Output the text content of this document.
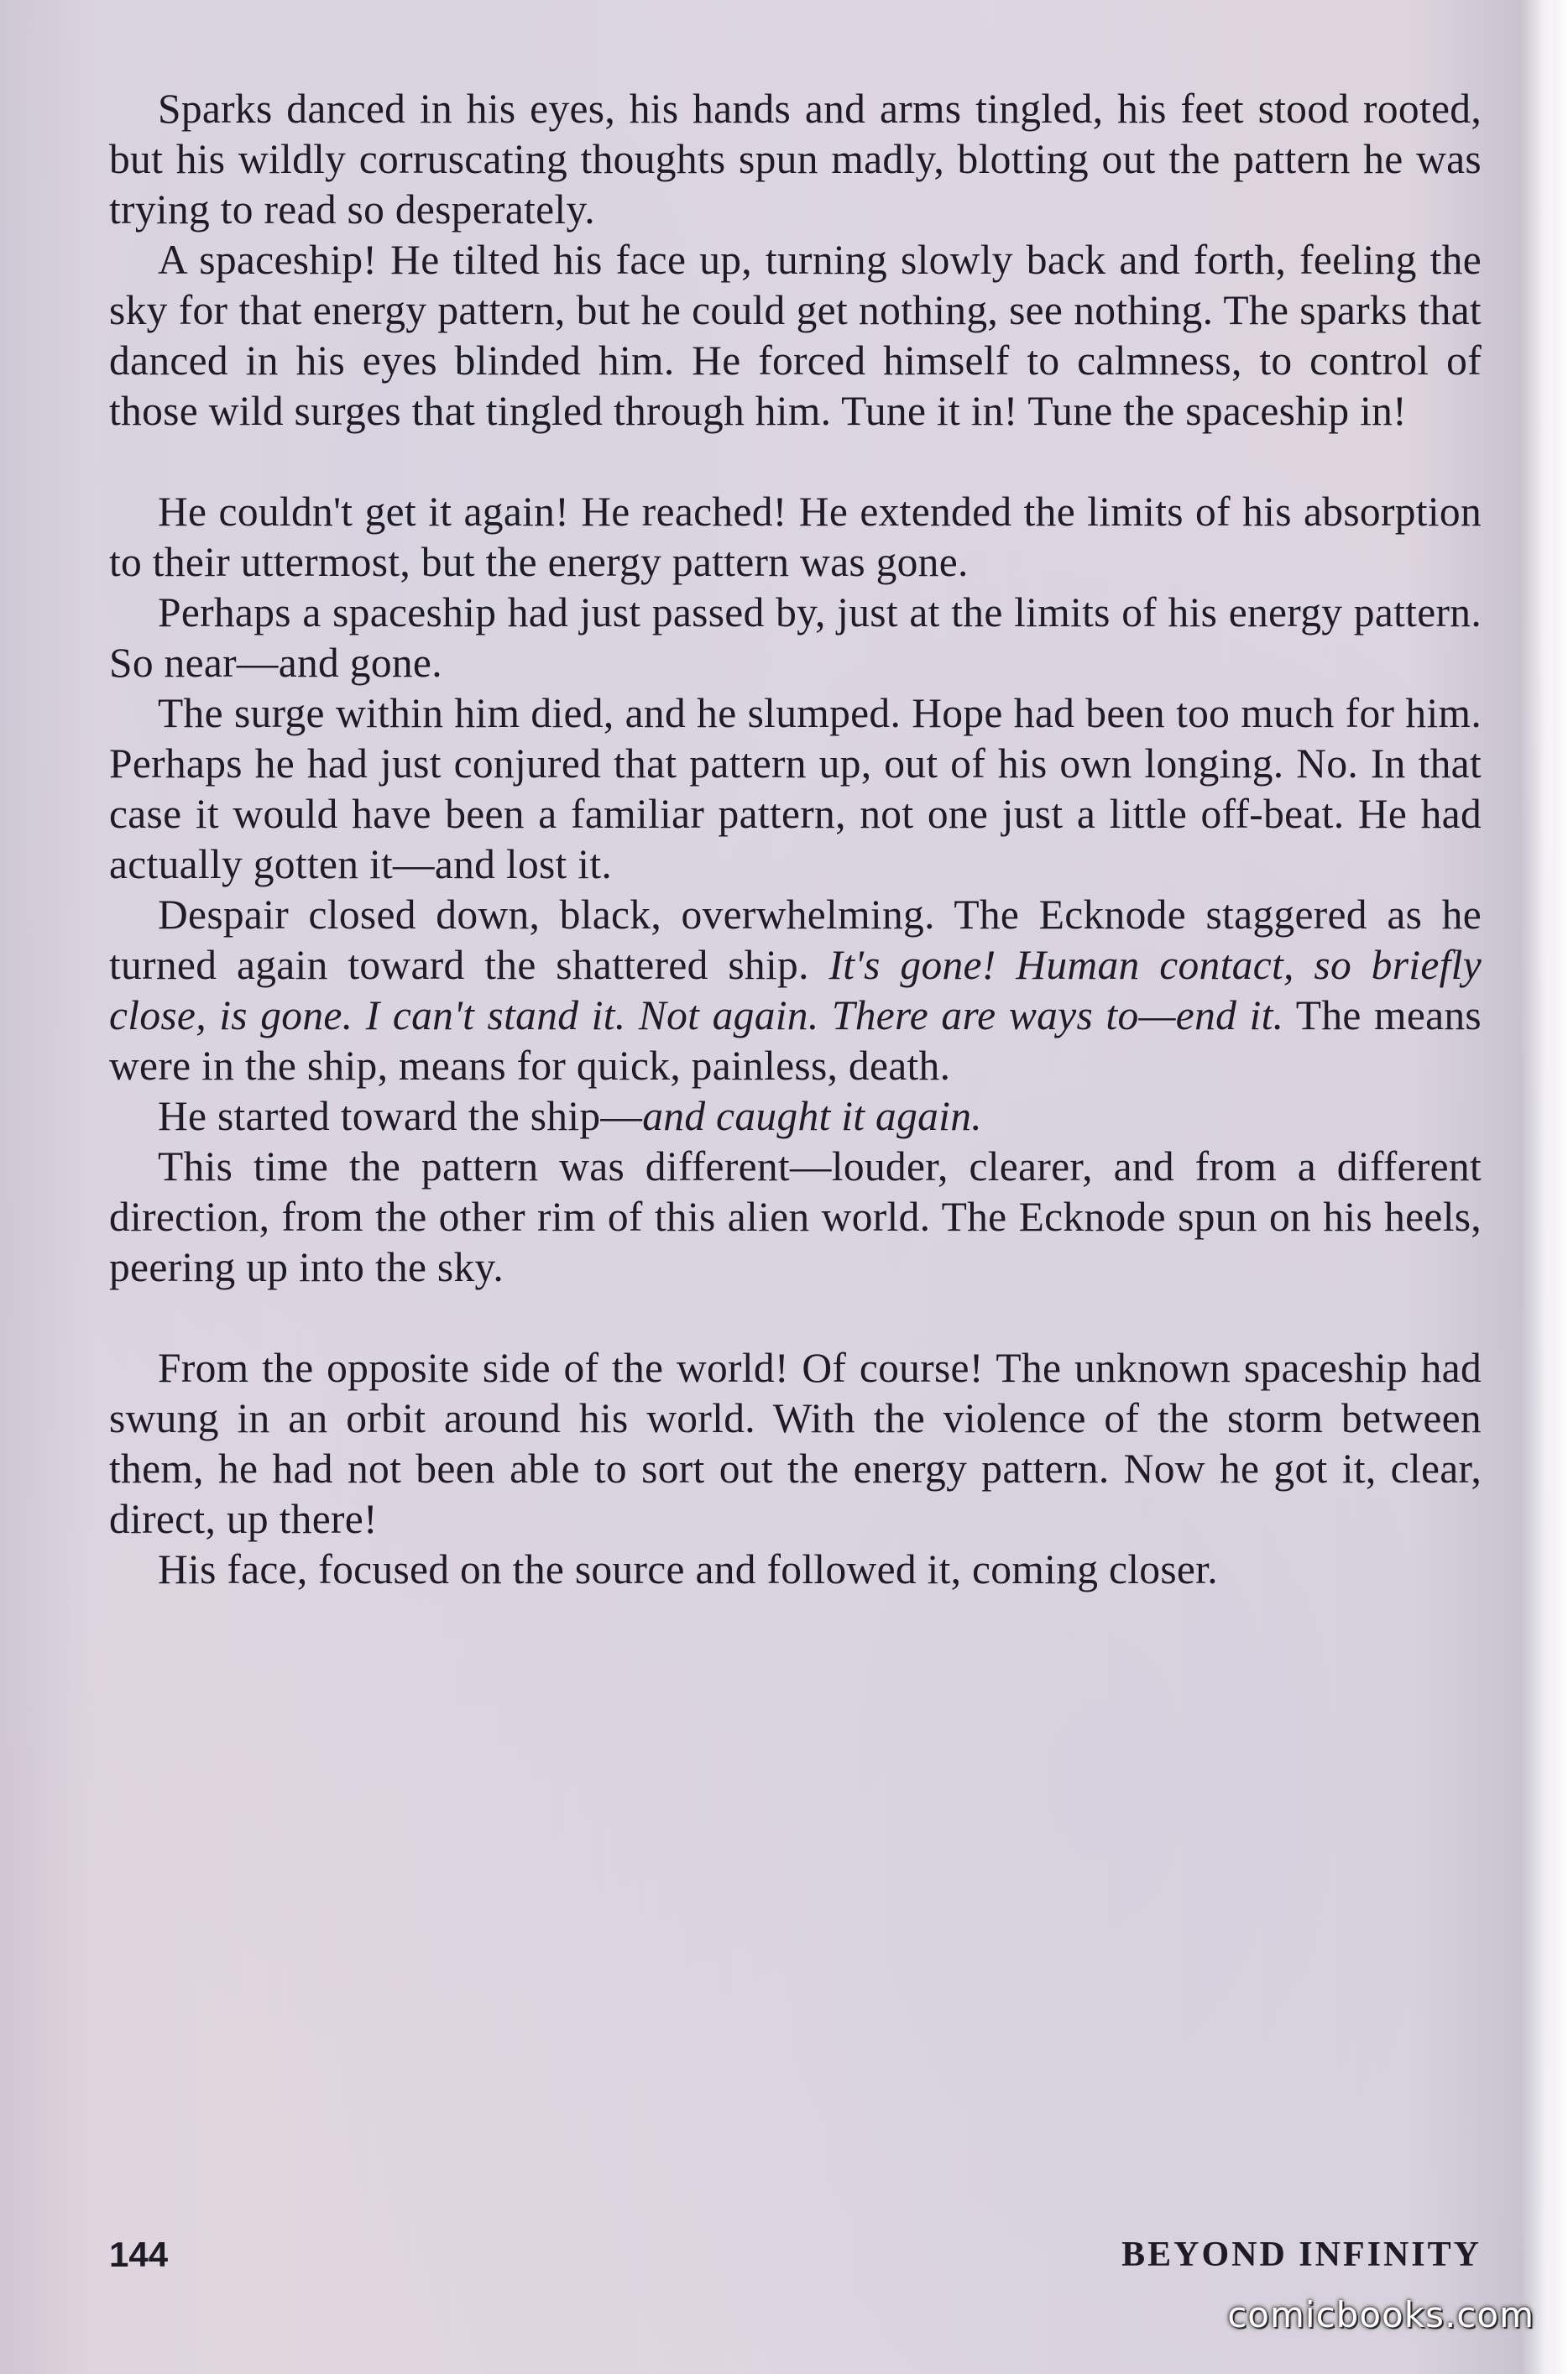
Sparks danced in his eyes, his hands and arms tingled, his feet stood rooted, but his wildly corruscating thoughts spun madly, blotting out the pattern he was trying to read so desperately.

A spaceship! He tilted his face up, turning slowly back and forth, feeling the sky for that energy pattern, but he could get nothing, see nothing. The sparks that danced in his eyes blinded him. He forced himself to calmness, to control of those wild surges that tingled through him. Tune it in! Tune the spaceship in!

He couldn't get it again! He reached! He extended the limits of his absorption to their uttermost, but the energy pattern was gone.

Perhaps a spaceship had just passed by, just at the limits of his energy pattern. So near—and gone.

The surge within him died, and he slumped. Hope had been too much for him. Perhaps he had just conjured that pattern up, out of his own longing. No. In that case it would have been a familiar pattern, not one just a little off-beat. He had actually gotten it—and lost it.

Despair closed down, black, overwhelming. The Ecknode staggered as he turned again toward the shattered ship. It's gone! Human contact, so briefly close, is gone. I can't stand it. Not again. There are ways to—end it. The means were in the ship, means for quick, painless, death.

He started toward the ship—and caught it again.

This time the pattern was different—louder, clearer, and from a different direction, from the other rim of this alien world. The Ecknode spun on his heels, peering up into the sky.

From the opposite side of the world! Of course! The unknown spaceship had swung in an orbit around his world. With the violence of the storm between them, he had not been able to sort out the energy pattern. Now he got it, clear, direct, up there!

His face, focused on the source and followed it, coming closer.

144	BEYOND INFINITY
comicbooks.com
